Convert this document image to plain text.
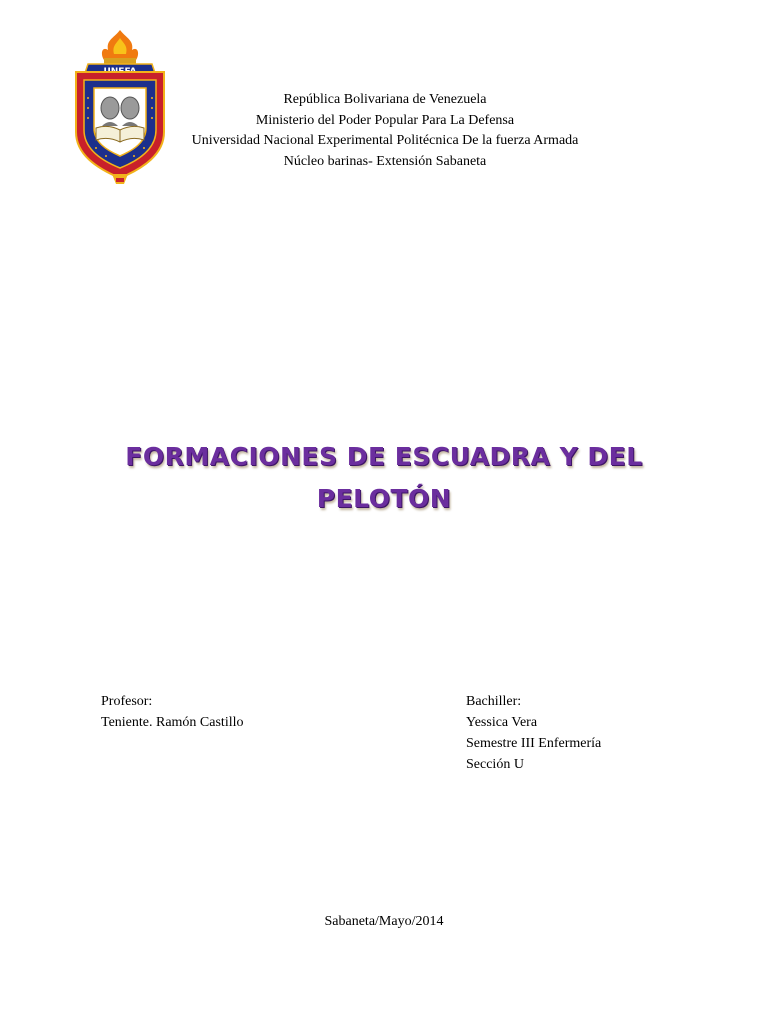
República Bolivariana de Venezuela
Ministerio del Poder Popular Para La Defensa
Universidad Nacional Experimental Politécnica De la fuerza Armada
Núcleo barinas- Extensión Sabaneta
FORMACIONES DE ESCUADRA Y DEL
PELOTÓN
Profesor:
Teniente. Ramón Castillo
Bachiller:
Yessica Vera
Semestre III Enfermería
Sección U
Sabaneta/Mayo/2014
